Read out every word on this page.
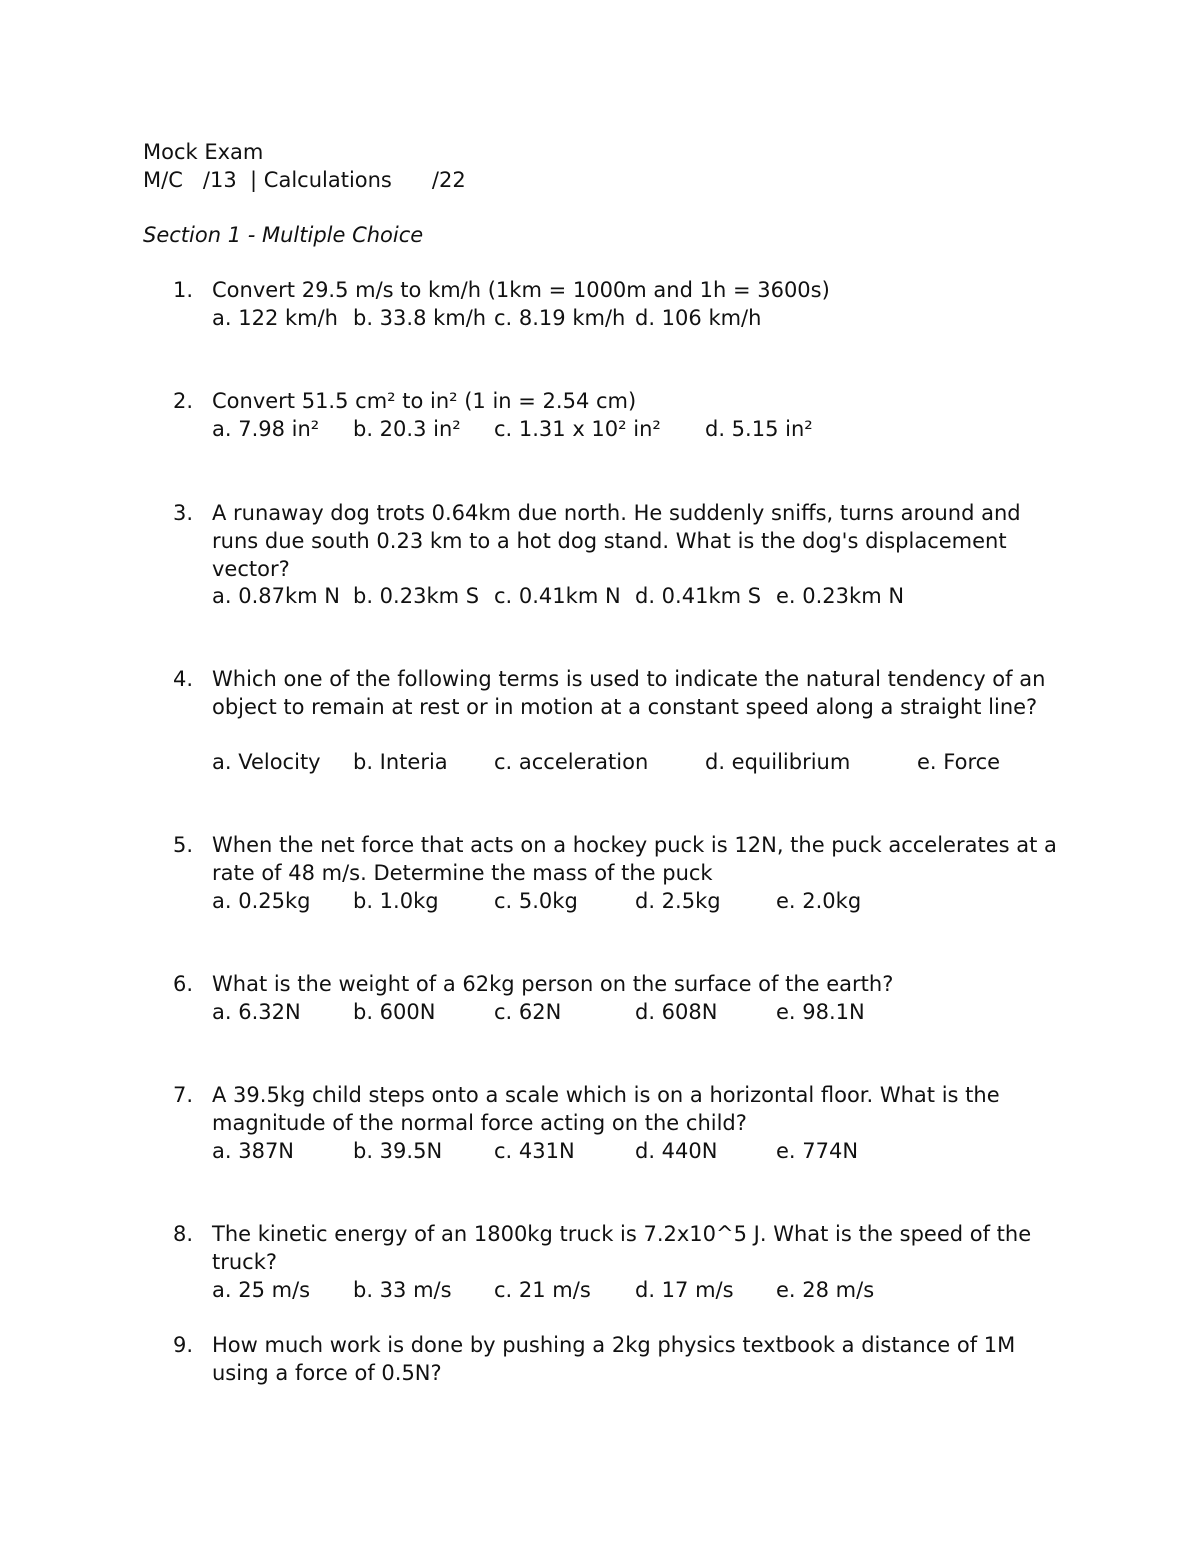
Mock Exam
M/C   /13  | Calculations      /22
Section 1 - Multiple Choice
1. Convert 29.5 m/s to km/h (1km = 1000m and 1h = 3600s)
a. 122 km/h b. 33.8 km/h c. 8.19 km/h d. 106 km/h
2. Convert 51.5 cm² to in² (1 in = 2.54 cm)
a. 7.98 in² b. 20.3 in² c. 1.31 x 10² in² d. 5.15 in²
3. A runaway dog trots 0.64km due north. He suddenly sniffs, turns around and runs due south 0.23 km to a hot dog stand. What is the dog's displacement vector?
a. 0.87km N b. 0.23km S c. 0.41km N d. 0.41km S e. 0.23km N
4. Which one of the following terms is used to indicate the natural tendency of an object to remain at rest or in motion at a constant speed along a straight line?
a. Velocity b. Interia c. acceleration	d. equilibrium	e. Force
5. When the net force that acts on a hockey puck is 12N, the puck accelerates at a rate of 48 m/s. Determine the mass of the puck
a. 0.25kg b. 1.0kg	c. 5.0kg	d. 2.5kg	e. 2.0kg
6. What is the weight of a 62kg person on the surface of the earth?
a. 6.32N b. 600N	c. 62N	d. 608N	e. 98.1N
7. A 39.5kg child steps onto a scale which is on a horizontal floor. What is the magnitude of the normal force acting on the child?
a. 387N	b. 39.5N c. 431N	d. 440N	e. 774N
8. The kinetic energy of an 1800kg truck is 7.2x10^5 J. What is the speed of the truck?
a. 25 m/s b. 33 m/s c. 21 m/s d. 17 m/s e. 28 m/s
9. How much work is done by pushing a 2kg physics textbook a distance of 1M using a force of 0.5N?
